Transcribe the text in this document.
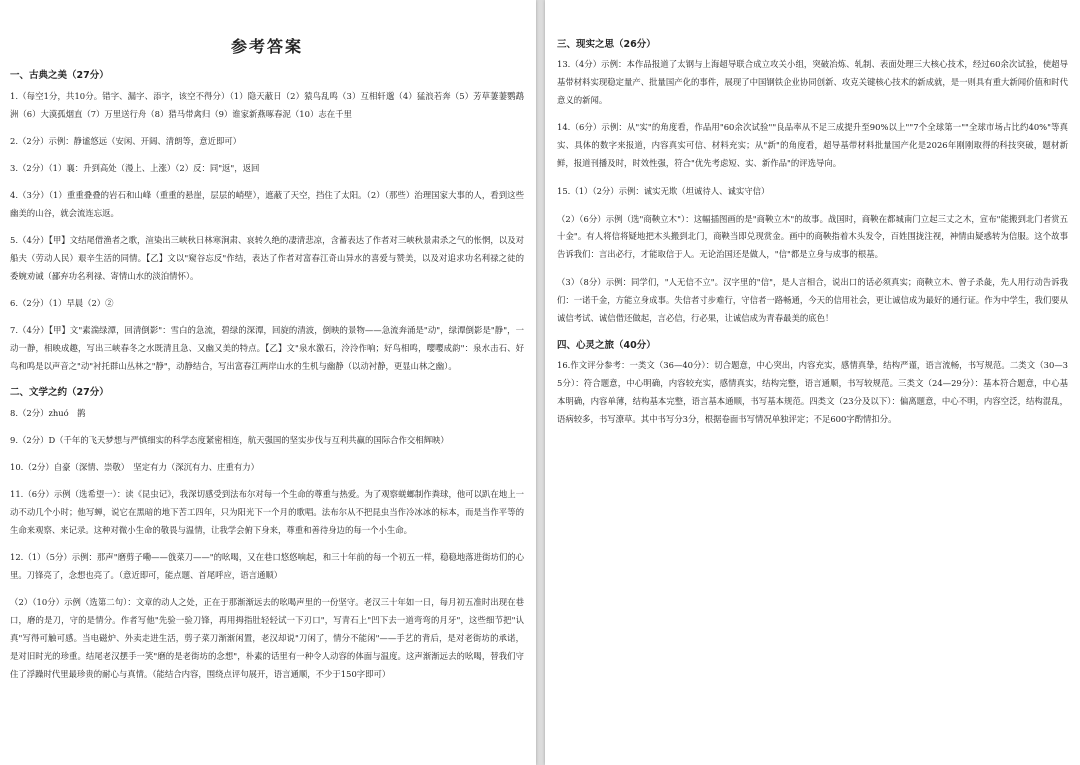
参考答案
一、古典之美（27分）
1.（每空1分，共10分。错字、漏字、添字，该空不得分）（1）隐天蔽日（2）猿鸟乱鸣（3）互相轩邈（4）猛浪若奔（5）芳草萋萋鹦鹉洲（6）大漠孤烟直（7）万里送行舟（8）猎马带禽归（9）谁家新燕啄春泥（10）志在千里
2.（2分）示例：静谧悠远（安闲、开阔、清朗等，意近即可）
3.（2分）（1）襄：升到高处（漫上、上涨）（2）反：同"返"，返回
4.（3分）（1）重重叠叠的岩石和山峰（重重的悬崖，层层的峭壁），遮蔽了天空，挡住了太阳。（2）（那些）治理国家大事的人，看到这些幽美的山谷，就会流连忘返。
5.（4分）【甲】文结尾借渔者之歌，渲染出三峡秋日林寒涧肃、哀转久绝的凄清悲凉，含蓄表达了作者对三峡秋景肃杀之气的怅惘，以及对船夫（劳动人民）艰辛生活的同情。【乙】文以"窥谷忘反"作结，表达了作者对富春江奇山异水的喜爱与赞美，以及对追求功名利禄之徒的委婉劝诫（鄙弃功名利禄、寄情山水的淡泊情怀）。
6.（2分）（1）早晨（2）②
7.（4分）【甲】文"素湍绿潭，回清倒影"：雪白的急流，碧绿的深潭，回旋的清波，倒映的景物——急流奔涌是"动"，绿潭倒影是"静"，一动一静，相映成趣，写出三峡春冬之水既清且急、又幽又美的特点。【乙】文"泉水激石，泠泠作响；好鸟相鸣，嘤嘤成韵"：泉水击石、好鸟和鸣是以声音之"动"衬托群山丛林之"静"，动静结合，写出富春江两岸山水的生机与幽静（以动衬静，更显山林之幽）。
二、文学之约（27分）
8.（2分）zhuó　鹊
9.（2分）D（千年的飞天梦想与严慎细实的科学态度紧密相连，航天强国的坚实步伐与互利共赢的国际合作交相辉映）
10.（2分）自豪（深情、崇敬）　坚定有力（深沉有力、庄重有力）
11.（6分）示例（选希望一）：读《昆虫记》，我深切感受到法布尔对每一个生命的尊重与热爱。为了观察蜣螂制作粪球，他可以趴在地上一动不动几个小时；他写蝉，说它在黑暗的地下苦工四年，只为阳光下一个月的歌唱。法布尔从不把昆虫当作冷冰冰的标本，而是当作平等的生命来观察、来记录。这种对微小生命的敬畏与温情，让我学会俯下身来，尊重和善待身边的每一个小生命。
12.（1）（5分）示例：那声"磨剪子嘞——戗菜刀——"的吆喝，又在巷口悠悠响起，和三十年前的每一个初五一样，稳稳地落进街坊们的心里。刀锋亮了，念想也亮了。（意近即可，能点题、首尾呼应，语言通顺）
（2）（10分）示例（选第二句）：文章的动人之处，正在于那渐渐远去的吆喝声里的一份坚守。老汉三十年如一日，每月初五准时出现在巷口，磨的是刀，守的是情分。作者写他"先验一验刀锋，再用拇指肚轻轻试一下刃口"，写青石上"凹下去一道弯弯的月牙"，这些细节把"认真"写得可触可感。当电磁炉、外卖走进生活，剪子菜刀渐渐闲置，老汉却说"刀闲了，情分不能闲"——手艺的背后，是对老街坊的承诺，是对旧时光的珍重。结尾老汉摆手一笑"磨的是老街坊的念想"，朴素的话里有一种令人动容的体面与温度。这声渐渐远去的吆喝，替我们守住了浮躁时代里最珍贵的耐心与真情。（能结合内容，围绕点评句展开，语言通顺，不少于150字即可）
三、现实之思（26分）
13.（4分）示例：本作品报道了太钢与上海超导联合成立攻关小组，突破冶炼、轧制、表面处理三大核心技术，经过60余次试验，使超导基带材料实现稳定量产、批量国产化的事件，展现了中国钢铁企业协同创新、攻克关键核心技术的新成就，是一则具有重大新闻价值和时代意义的新闻。
14.（6分）示例：从"实"的角度看，作品用"60余次试验""良品率从不足三成提升至90%以上""7个全球第一""全球市场占比约40%"等真实、具体的数字来报道，内容真实可信、材料充实；从"新"的角度看，超导基带材料批量国产化是2026年刚刚取得的科技突破，题材新鲜，报道刊播及时，时效性强，符合"优先考虑短、实、新作品"的评选导向。
15.（1）（2分）示例：诚实无欺（坦诚待人、诚实守信）
（2）（6分）示例（选"商鞅立木"）：这幅插图画的是"商鞅立木"的故事。战国时，商鞅在都城南门立起三丈之木，宣布"能搬到北门者赏五十金"。有人将信将疑地把木头搬到北门，商鞅当即兑现赏金。画中的商鞅指着木头发令，百姓围拢注视，神情由疑惑转为信服。这个故事告诉我们：言出必行，才能取信于人。无论治国还是做人，"信"都是立身与成事的根基。
（3）（8分）示例：同学们，"人无信不立"。汉字里的"信"，是人言相合，说出口的话必须真实；商鞅立木、曾子杀彘，先人用行动告诉我们：一诺千金，方能立身成事。失信者寸步难行，守信者一路畅通，今天的信用社会，更让诚信成为最好的通行证。作为中学生，我们要从诚信考试、诚信借还做起，言必信，行必果，让诚信成为青春最美的底色！
四、心灵之旅（40分）
16.作文评分参考：一类文（36—40分）：切合题意，中心突出，内容充实，感情真挚，结构严谨，语言流畅，书写规范。二类文（30—35分）：符合题意，中心明确，内容较充实，感情真实，结构完整，语言通顺，书写较规范。三类文（24—29分）：基本符合题意，中心基本明确，内容单薄，结构基本完整，语言基本通顺，书写基本规范。四类文（23分及以下）：偏离题意，中心不明，内容空泛，结构混乱，语病较多，书写潦草。其中书写分3分，根据卷面书写情况单独评定；不足600字酌情扣分。
